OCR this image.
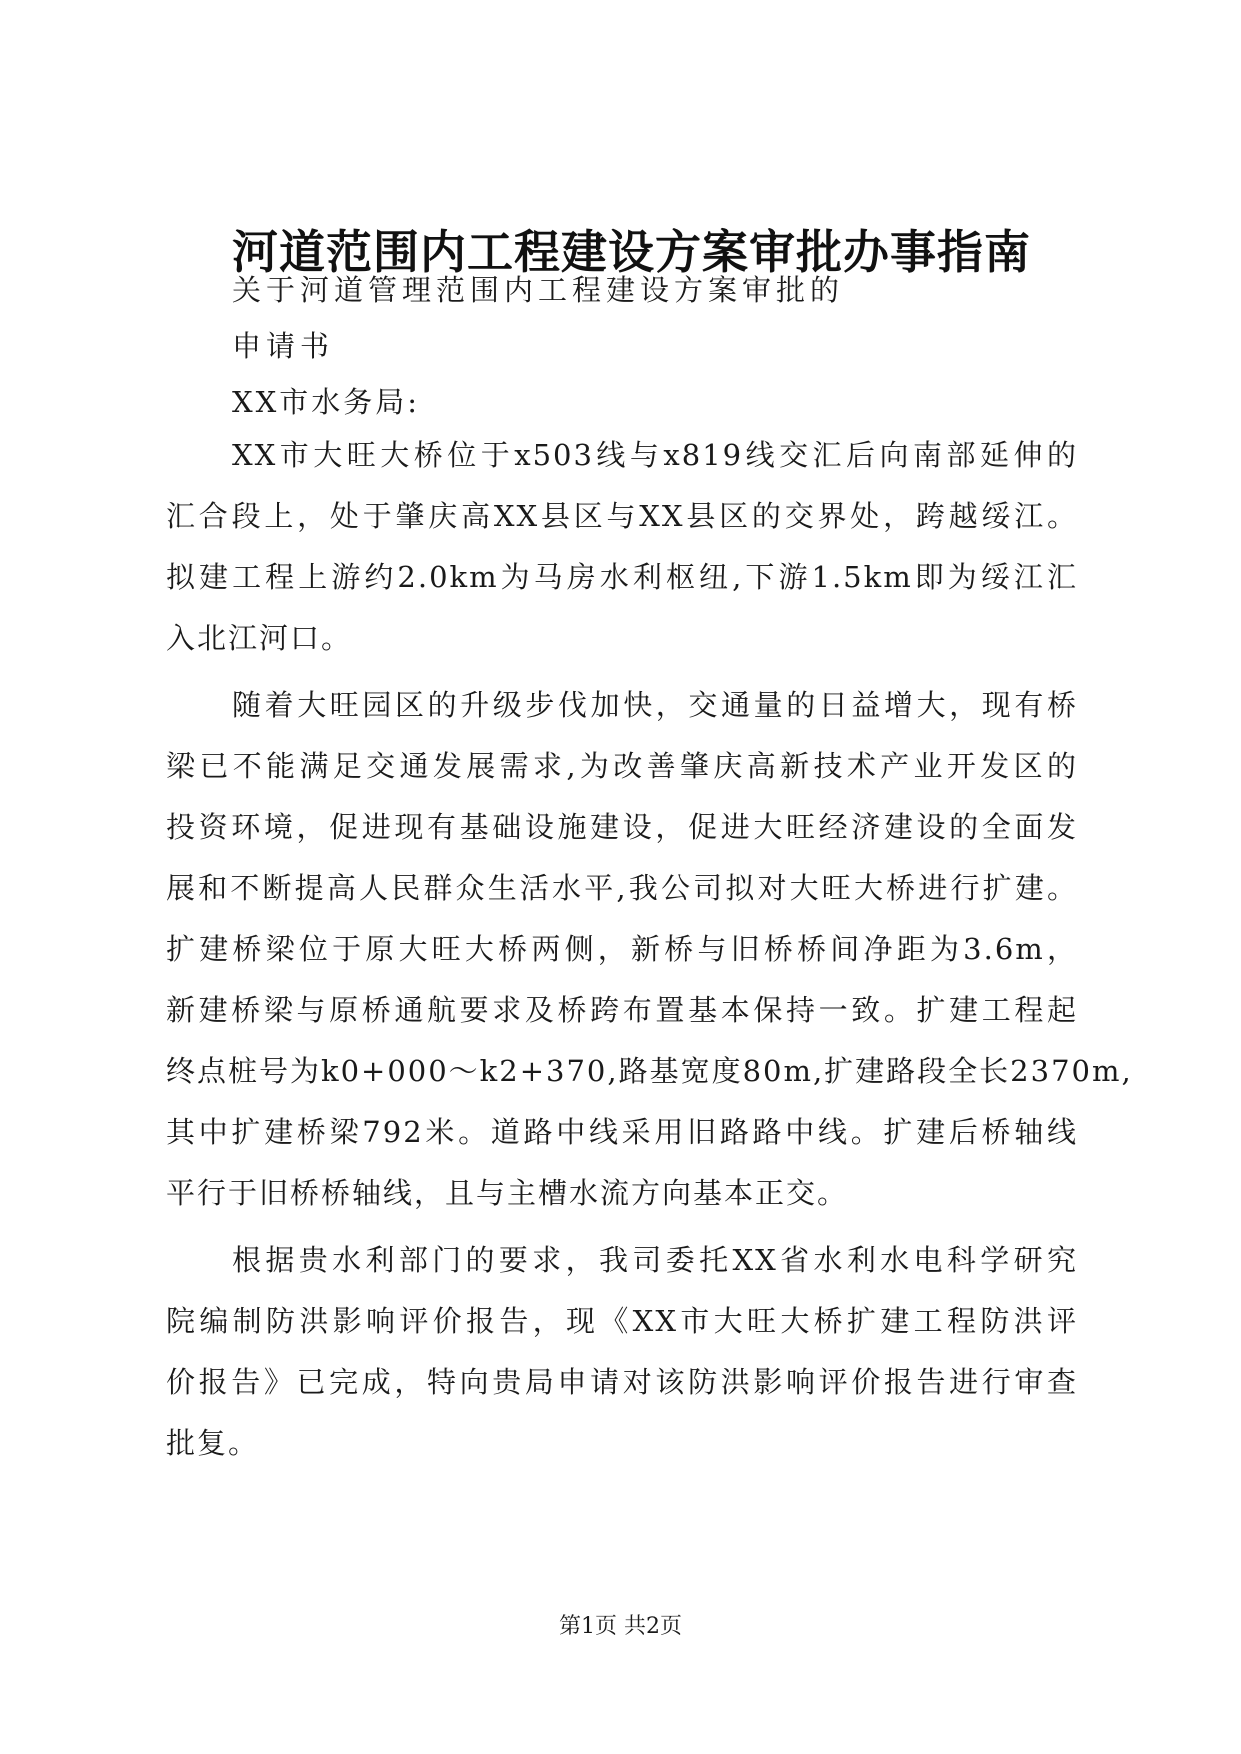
河道范围内工程建设方案审批办事指南
关于河道管理范围内工程建设方案审批的
申请书
XX市水务局:
XX市大旺大桥位于x503线与x819线交汇后向南部延伸的
汇合段上，处于肇庆高XX县区与XX县区的交界处，跨越绥江。
拟建工程上游约2.0km为马房水利枢纽,下游1.5km即为绥江汇
入北江河口。
随着大旺园区的升级步伐加快，交通量的日益增大，现有桥
梁已不能满足交通发展需求,为改善肇庆高新技术产业开发区的
投资环境，促进现有基础设施建设，促进大旺经济建设的全面发
展和不断提高人民群众生活水平,我公司拟对大旺大桥进行扩建。
扩建桥梁位于原大旺大桥两侧，新桥与旧桥桥间净距为3.6m，
新建桥梁与原桥通航要求及桥跨布置基本保持一致。扩建工程起
终点桩号为k0+000～k2+370,路基宽度80m,扩建路段全长2370m,
其中扩建桥梁792米。道路中线采用旧路路中线。扩建后桥轴线
平行于旧桥桥轴线，且与主槽水流方向基本正交。
根据贵水利部门的要求，我司委托XX省水利水电科学研究
院编制防洪影响评价报告，现《XX市大旺大桥扩建工程防洪评
价报告》已完成，特向贵局申请对该防洪影响评价报告进行审查
批复。
第1页 共2页
